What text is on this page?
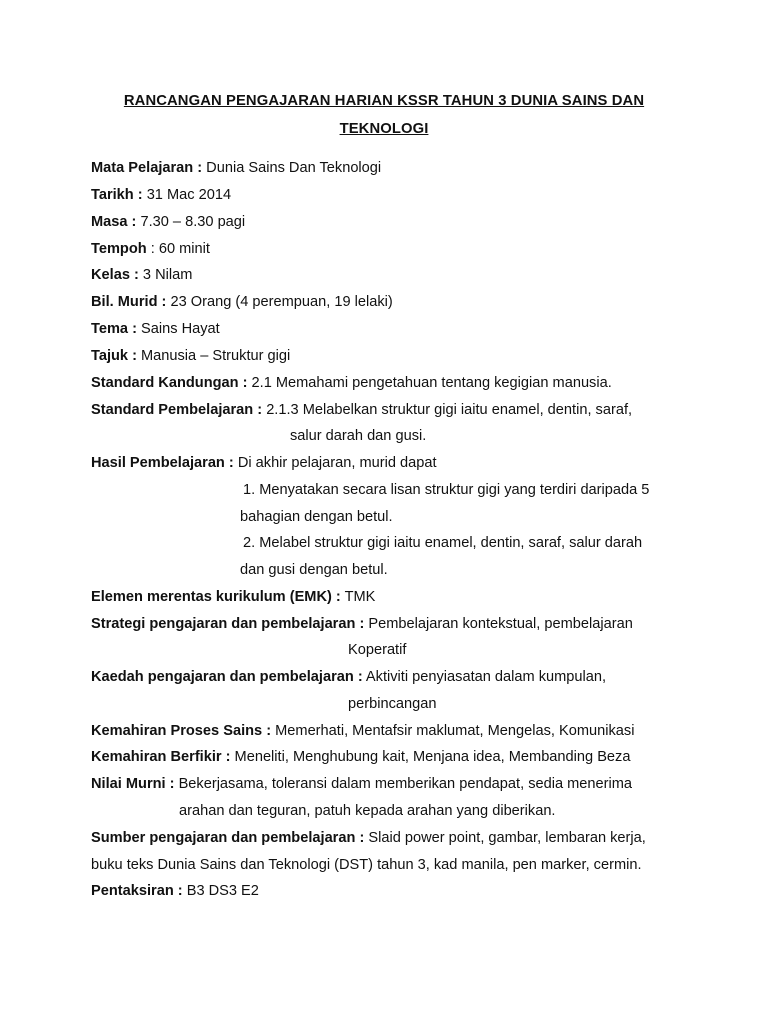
RANCANGAN PENGAJARAN HARIAN KSSR TAHUN 3 DUNIA SAINS DAN
TEKNOLOGI
Mata Pelajaran : Dunia Sains Dan Teknologi
Tarikh : 31 Mac 2014
Masa : 7.30 – 8.30 pagi
Tempoh : 60 minit
Kelas : 3 Nilam
Bil. Murid : 23 Orang (4 perempuan, 19 lelaki)
Tema : Sains Hayat
Tajuk : Manusia – Struktur gigi
Standard Kandungan : 2.1 Memahami pengetahuan tentang kegigian manusia.
Standard Pembelajaran : 2.1.3 Melabelkan struktur gigi iaitu enamel, dentin, saraf,
salur darah dan gusi.
Hasil Pembelajaran : Di akhir pelajaran, murid dapat
1. Menyatakan secara lisan struktur gigi yang terdiri daripada 5
bahagian dengan betul.
2. Melabel struktur gigi iaitu enamel, dentin, saraf, salur darah
dan gusi dengan betul.
Elemen merentas kurikulum (EMK) : TMK
Strategi pengajaran dan pembelajaran : Pembelajaran kontekstual, pembelajaran
Koperatif
Kaedah pengajaran dan pembelajaran : Aktiviti penyiasatan dalam kumpulan,
perbincangan
Kemahiran Proses Sains : Memerhati, Mentafsir maklumat, Mengelas, Komunikasi
Kemahiran Berfikir : Meneliti, Menghubung kait, Menjana idea, Membanding Beza
Nilai Murni : Bekerjasama, toleransi dalam memberikan pendapat, sedia menerima
arahan dan teguran, patuh kepada arahan yang diberikan.
Sumber pengajaran dan pembelajaran : Slaid power point, gambar, lembaran kerja,
buku teks Dunia Sains dan Teknologi (DST) tahun 3, kad manila, pen marker, cermin.
Pentaksiran : B3 DS3 E2
